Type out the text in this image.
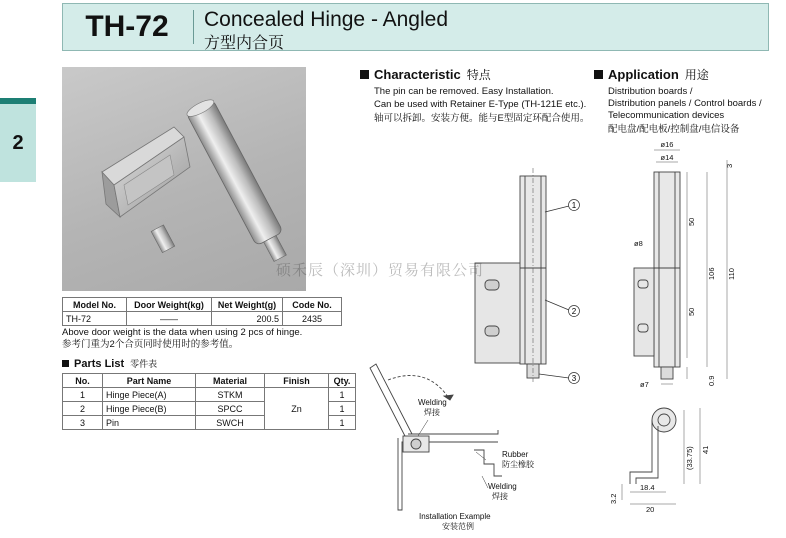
TH-72	Concealed Hinge - Angled
方型内合页
2
Model No.	Door Weight(kg)	Net Weight(g)	Code No.
TH-72	——	200.5	2435
Above door weight is the data when using 2 pcs of hinge.
参考门重为2个合页同时使用时的参考值。
Parts List 零件表
No.	Part Name	Material	Finish	Qty.
1	Hinge Piece(A)	STKM	Zn	1
2	Hinge Piece(B)	SPCC		1
3	Pin	SWCH		1
Characteristic 特点
The pin can be removed. Easy Installation.
Can be used with Retainer E-Type (TH-121E etc.).
轴可以拆卸。安装方便。能与E型固定环配合使用。
Application 用途
Distribution boards /
Distribution panels / Control boards /
Telecommunication devices
配电盘/配电板/控制盘/电信设备
1
2
3
ø16
ø14
3
ø8
50
50
106 110
ø7	0.9
Welding
焊接
Rubber
防尘橡胶
Welding
焊接
Installation Example
安装范例
(33.75) 41
3.2
18.4
20
硕禾辰（深圳）贸易有限公司
